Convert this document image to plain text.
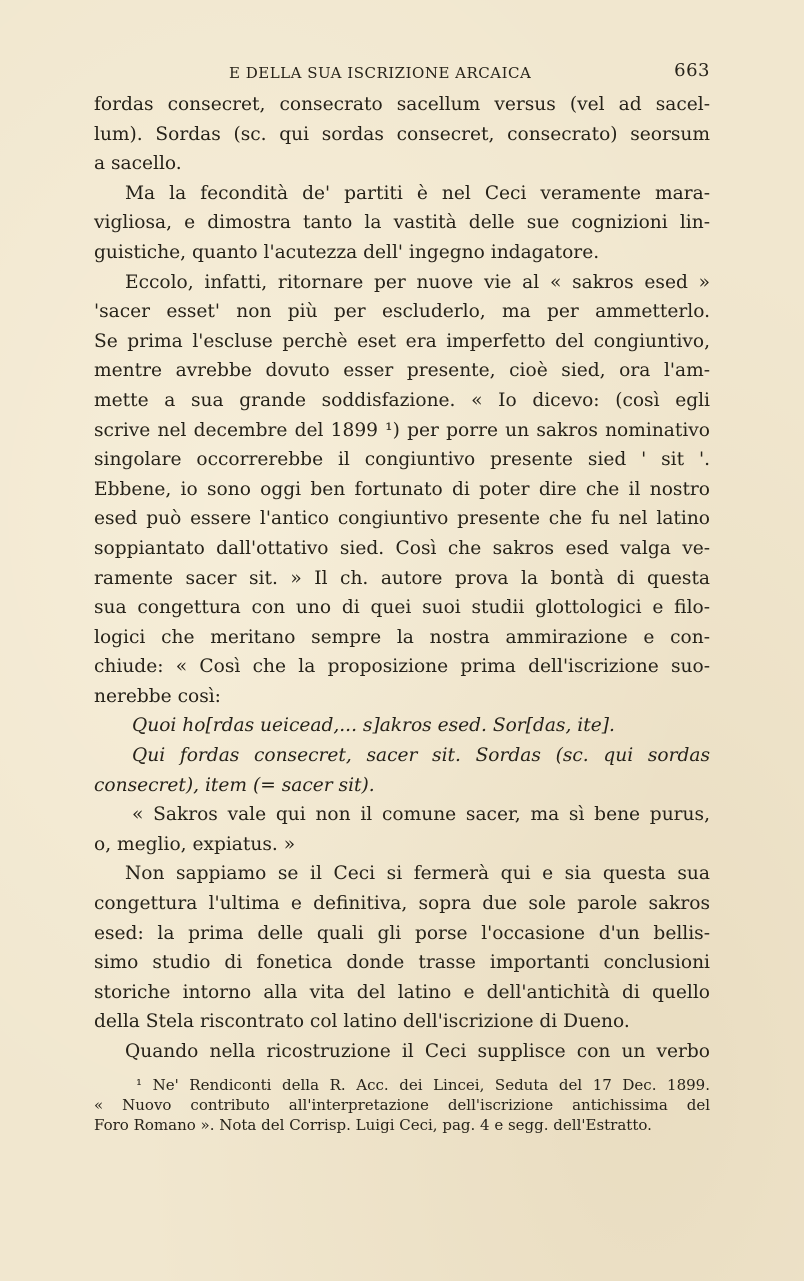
E DELLA SUA ISCRIZIONE ARCAICA	663
fordas consecret, consecrato sacellum versus (vel ad sacel-
lum). Sordas (sc. qui sordas consecret, consecrato) seorsum
a sacello.
Ma la fecondità de' partiti è nel Ceci veramente mara-
vigliosa, e dimostra tanto la vastità delle sue cognizioni lin-
guistiche, quanto l'acutezza dell' ingegno indagatore.
Eccolo, infatti, ritornare per nuove vie al « sakros esed »
'sacer esset' non più per escluderlo, ma per ammetterlo.
Se prima l'escluse perchè eset era imperfetto del congiuntivo,
mentre avrebbe dovuto esser presente, cioè sied, ora l'am-
mette a sua grande soddisfazione. « Io dicevo: (così egli
scrive nel decembre del 1899 ¹) per porre un sakros nominativo
singolare occorrerebbe il congiuntivo presente sied ' sit '.
Ebbene, io sono oggi ben fortunato di poter dire che il nostro
esed può essere l'antico congiuntivo presente che fu nel latino
soppiantato dall'ottativo sied. Così che sakros esed valga ve-
ramente sacer sit. » Il ch. autore prova la bontà di questa
sua congettura con uno di quei suoi studii glottologici e filo-
logici che meritano sempre la nostra ammirazione e con-
chiude: « Così che la proposizione prima dell'iscrizione suo-
nerebbe così:
Quoi ho[rdas ueicead,... s]akros esed. Sor[das, ite].
Qui fordas consecret, sacer sit. Sordas (sc. qui sordas
consecret), item (= sacer sit).
« Sakros vale qui non il comune sacer, ma sì bene purus,
o, meglio, expiatus. »
Non sappiamo se il Ceci si fermerà qui e sia questa sua
congettura l'ultima e definitiva, sopra due sole parole sakros
esed: la prima delle quali gli porse l'occasione d'un bellis-
simo studio di fonetica donde trasse importanti conclusioni
storiche intorno alla vita del latino e dell'antichità di quello
della Stela riscontrato col latino dell'iscrizione di Dueno.
Quando nella ricostruzione il Ceci supplisce con un verbo
¹ Ne' Rendiconti della R. Acc. dei Lincei, Seduta del 17 Dec. 1899.
« Nuovo contributo all'interpretazione dell'iscrizione antichissima del
Foro Romano ». Nota del Corrisp. Luigi Ceci, pag. 4 e segg. dell'Estratto.
